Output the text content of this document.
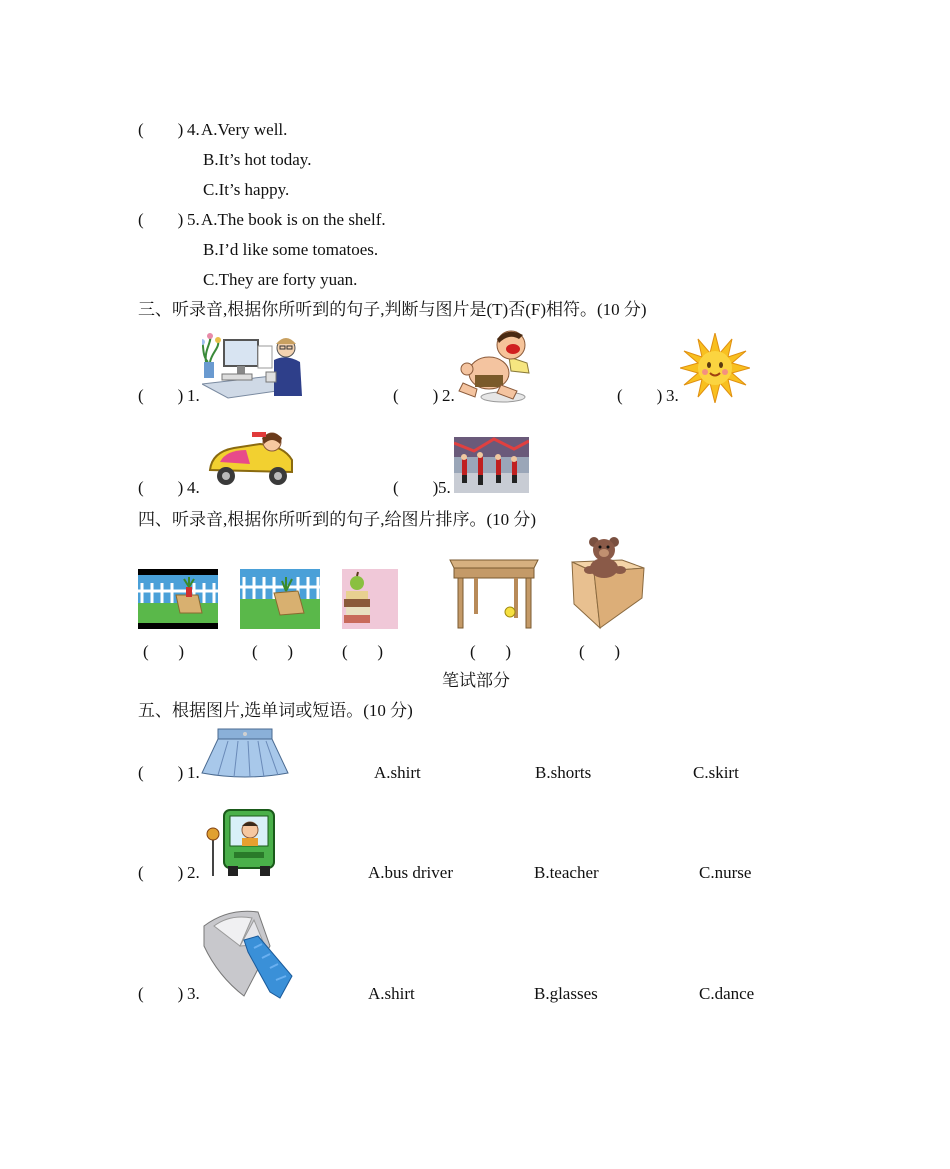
(        ) 4. A.Very well.
B.It’s hot today.
C.It’s happy.
(        ) 5. A.The book is on the shelf.
B.I’d like some tomatoes.
C.They are forty yuan.
三、听录音,根据你所听到的句子,判断与图片是(T)否(F)相符。(10 分)
(        ) 1.	(        ) 2.	(        ) 3.
(        ) 4.	(        ) 5.
四、听录音,根据你所听到的句子,给图片排序。(10 分)
(       )	(       )	(       )	(       )	(       )
笔试部分
五、根据图片,选单词或短语。(10 分)
(        ) 1.	A.shirt	B.shorts	C.skirt
(        ) 2.	A.bus driver	B.teacher	C.nurse
(        ) 3.	A.shirt	B.glasses	C.dance
